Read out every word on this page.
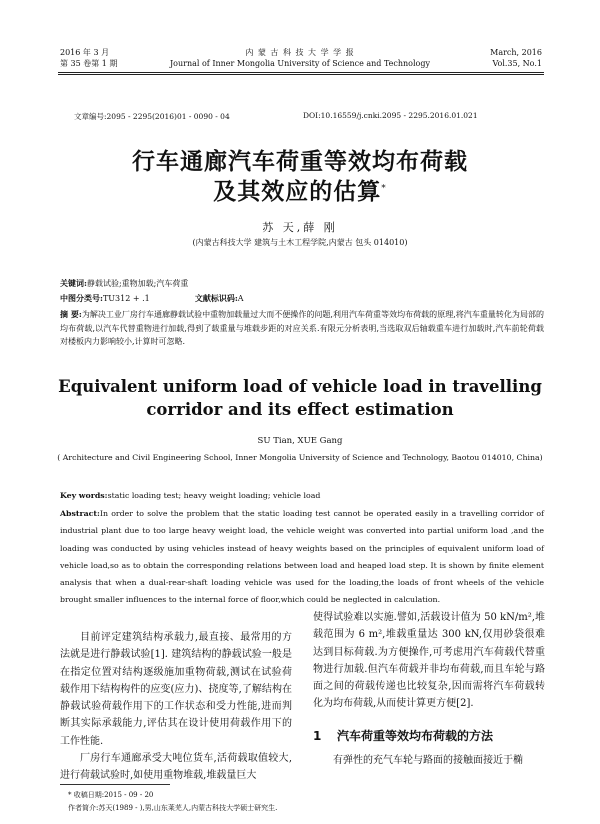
2016 年 3 月
第 35 卷第 1 期
内 蒙 古 科 技 大 学 学 报
Journal of Inner Mongolia University of Science and Technology
March, 2016
Vol.35, No.1
文章编号:2095 - 2295(2016)01 - 0090 - 04	DOI:10.16559/j.cnki.2095 - 2295.2016.01.021
行车通廊汽车荷重等效均布荷载
及其效应的估算*
苏 天,薛 刚
(内蒙古科技大学 建筑与土木工程学院,内蒙古 包头 014010)
关键词:静载试验;重物加载;汽车荷重
中图分类号:TU312 + .1	文献标识码:A
摘 要:为解决工业厂房行车通廊静载试验中重物加载量过大而不便操作的问题,利用汽车荷重等效均布荷载的原理,将汽车重量转化为局部的均布荷载,以汽车代替重物进行加载,得到了载重量与堆载步距的对应关系.有限元分析表明,当选取双后轴载重车进行加载时,汽车前轮荷载对楼板内力影响较小,计算时可忽略.
Equivalent uniform load of vehicle load in travelling
corridor and its effect estimation
SU Tian, XUE Gang
( Architecture and Civil Engineering School, Inner Mongolia University of Science and Technology, Baotou 014010, China)
Key words:static loading test; heavy weight loading; vehicle load
Abstract:In order to solve the problem that the static loading test cannot be operated easily in a travelling corridor of industrial plant due to too large heavy weight load, the vehicle weight was converted into partial uniform load ,and the loading was conducted by using vehicles instead of heavy weights based on the principles of equivalent uniform load of vehicle load,so as to obtain the corresponding relations between load and heaped load step. It is shown by finite element analysis that when a dual-rear-shaft loading vehicle was used for the loading,the loads of front wheels of the vehicle brought smaller influences to the internal force of floor,which could be neglected in calculation.

目前评定建筑结构承载力,最直接、最常用的方法就是进行静载试验[1]. 建筑结构的静载试验一般是在指定位置对结构逐级施加重物荷载,测试在试验荷载作用下结构构件的应变(应力)、挠度等,了解结构在静载试验荷载作用下的工作状态和受力性能,进而判断其实际承载能力,评估其在设计使用荷载作用下的工作性能.

厂房行车通廊承受大吨位货车,活荷载取值较大,进行荷载试验时,如使用重物堆载,堆载量巨大

使得试验难以实施.譬如,活载设计值为 50 kN/m²,堆载范围为 6 m²,堆载重量达 300 kN,仅用砂袋很难达到目标荷载.为方便操作,可考虑用汽车荷载代替重物进行加载.但汽车荷载并非均布荷载,而且车轮与路面之间的荷载传递也比较复杂,因而需将汽车荷载转化为均布荷载,从而使计算更方便[2].

1 汽车荷重等效均布荷载的方法
有弹性的充气车轮与路面的接触面接近于椭
* 收稿日期:2015 - 09 - 20
作者简介:苏天(1989 - ),男,山东莱芜人,内蒙古科技大学硕士研究生.
